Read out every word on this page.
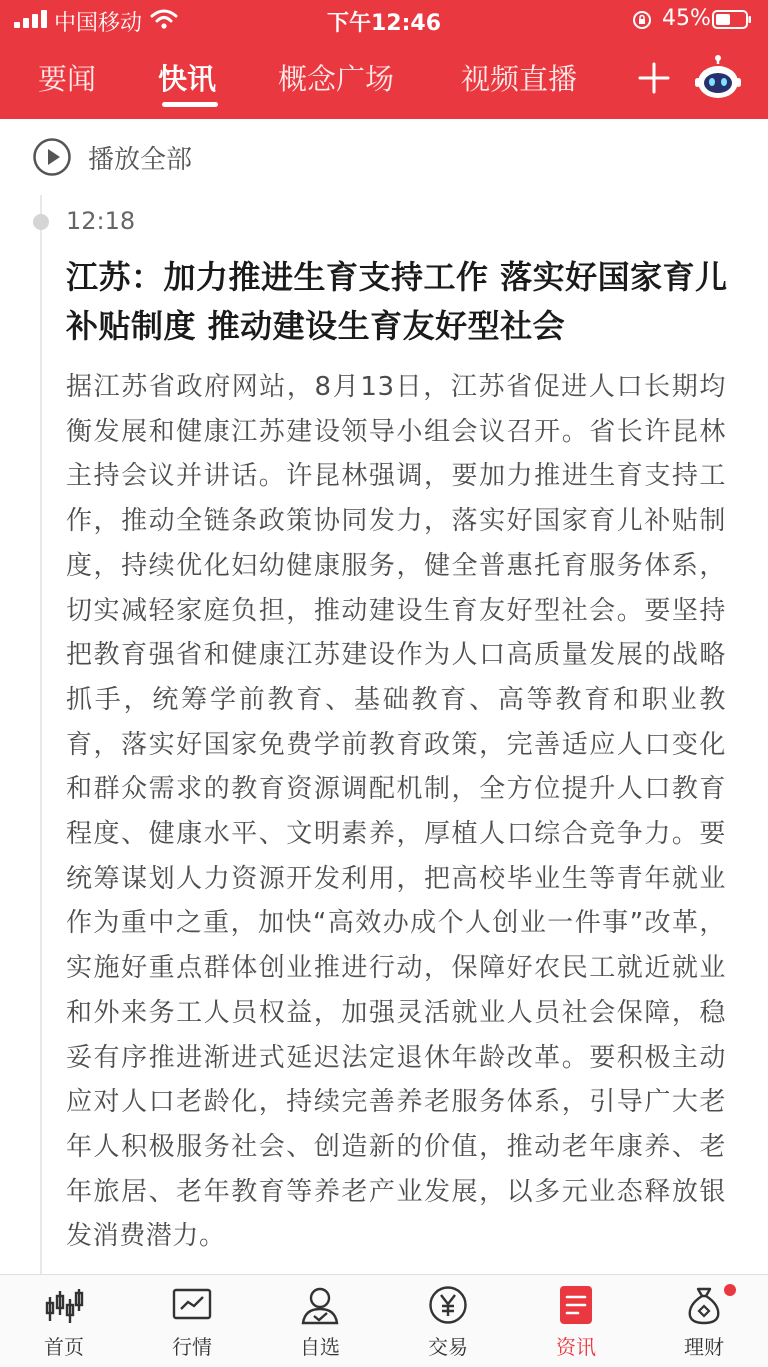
中国移动	下午12:46	45%
要闻 快讯 概念广场 视频直播
播放全部
12:18
江苏：加力推进生育支持工作 落实好国家育儿补贴制度 推动建设生育友好型社会
据江苏省政府网站，8月13日，江苏省促进人口长期均衡发展和健康江苏建设领导小组会议召开。省长许昆林主持会议并讲话。许昆林强调，要加力推进生育支持工作，推动全链条政策协同发力，落实好国家育儿补贴制度，持续优化妇幼健康服务，健全普惠托育服务体系，切实减轻家庭负担，推动建设生育友好型社会。要坚持把教育强省和健康江苏建设作为人口高质量发展的战略抓手，统筹学前教育、基础教育、高等教育和职业教育，落实好国家免费学前教育政策，完善适应人口变化和群众需求的教育资源调配机制，全方位提升人口教育程度、健康水平、文明素养，厚植人口综合竞争力。要统筹谋划人力资源开发利用，把高校毕业生等青年就业作为重中之重，加快“高效办成个人创业一件事”改革，实施好重点群体创业推进行动，保障好农民工就近就业和外来务工人员权益，加强灵活就业人员社会保障，稳妥有序推进渐进式延迟法定退休年龄改革。要积极主动应对人口老龄化，持续完善养老服务体系，引导广大老年人积极服务社会、创造新的价值，推动老年康养、老年旅居、老年教育等养老产业发展，以多元业态释放银发消费潜力。
首页	行情	自选	交易	资讯	理财
